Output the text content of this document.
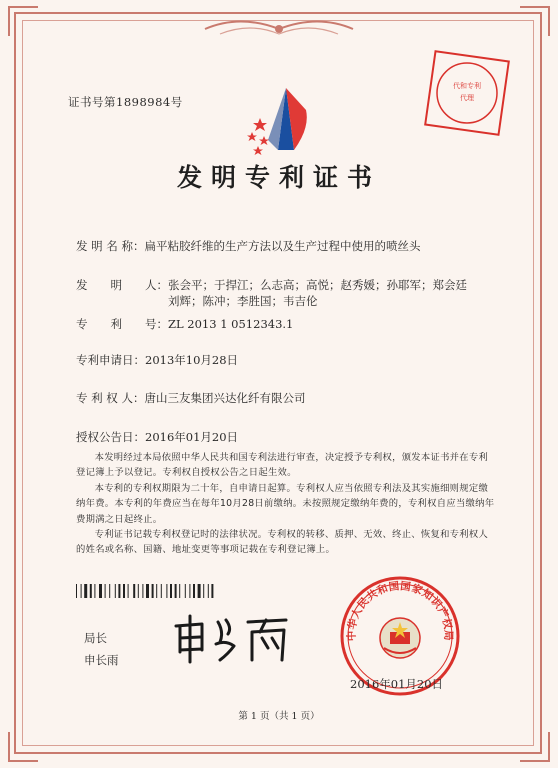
证书号第1898984号
代和专利
代理
发明专利证书
发 明 名 称：扁平粘胶纤维的生产方法以及生产过程中使用的喷丝头
发　　明　　人：张会平；于捍江；么志高；高悦；赵秀媛；孙耶军；郑会廷 刘辉；陈冲；李胜国；韦吉伦
专　　利　　号：ZL 2013 1 0512343.1
专利申请日：2013年10月28日
专 利 权 人：唐山三友集团兴达化纤有限公司
授权公告日：2016年01月20日

本发明经过本局依照中华人民共和国专利法进行审查，决定授予专利权，颁发本证书并在专利登记簿上予以登记。专利权自授权公告之日起生效。

本专利的专利权期限为二十年，自申请日起算。专利权人应当依照专利法及其实施细则规定缴纳年费。本专利的年费应当在每年10月28日前缴纳。未按照规定缴纳年费的，专利权自应当缴纳年费期满之日起终止。

专利证书记载专利权登记时的法律状况。专利权的转移、质押、无效、终止、恢复和专利权人的姓名或名称、国籍、地址变更等事项记载在专利登记簿上。

局长
申长雨
中华人民共和国国家知识产权局
2016年01月20日
第 1 页（共 1 页）
